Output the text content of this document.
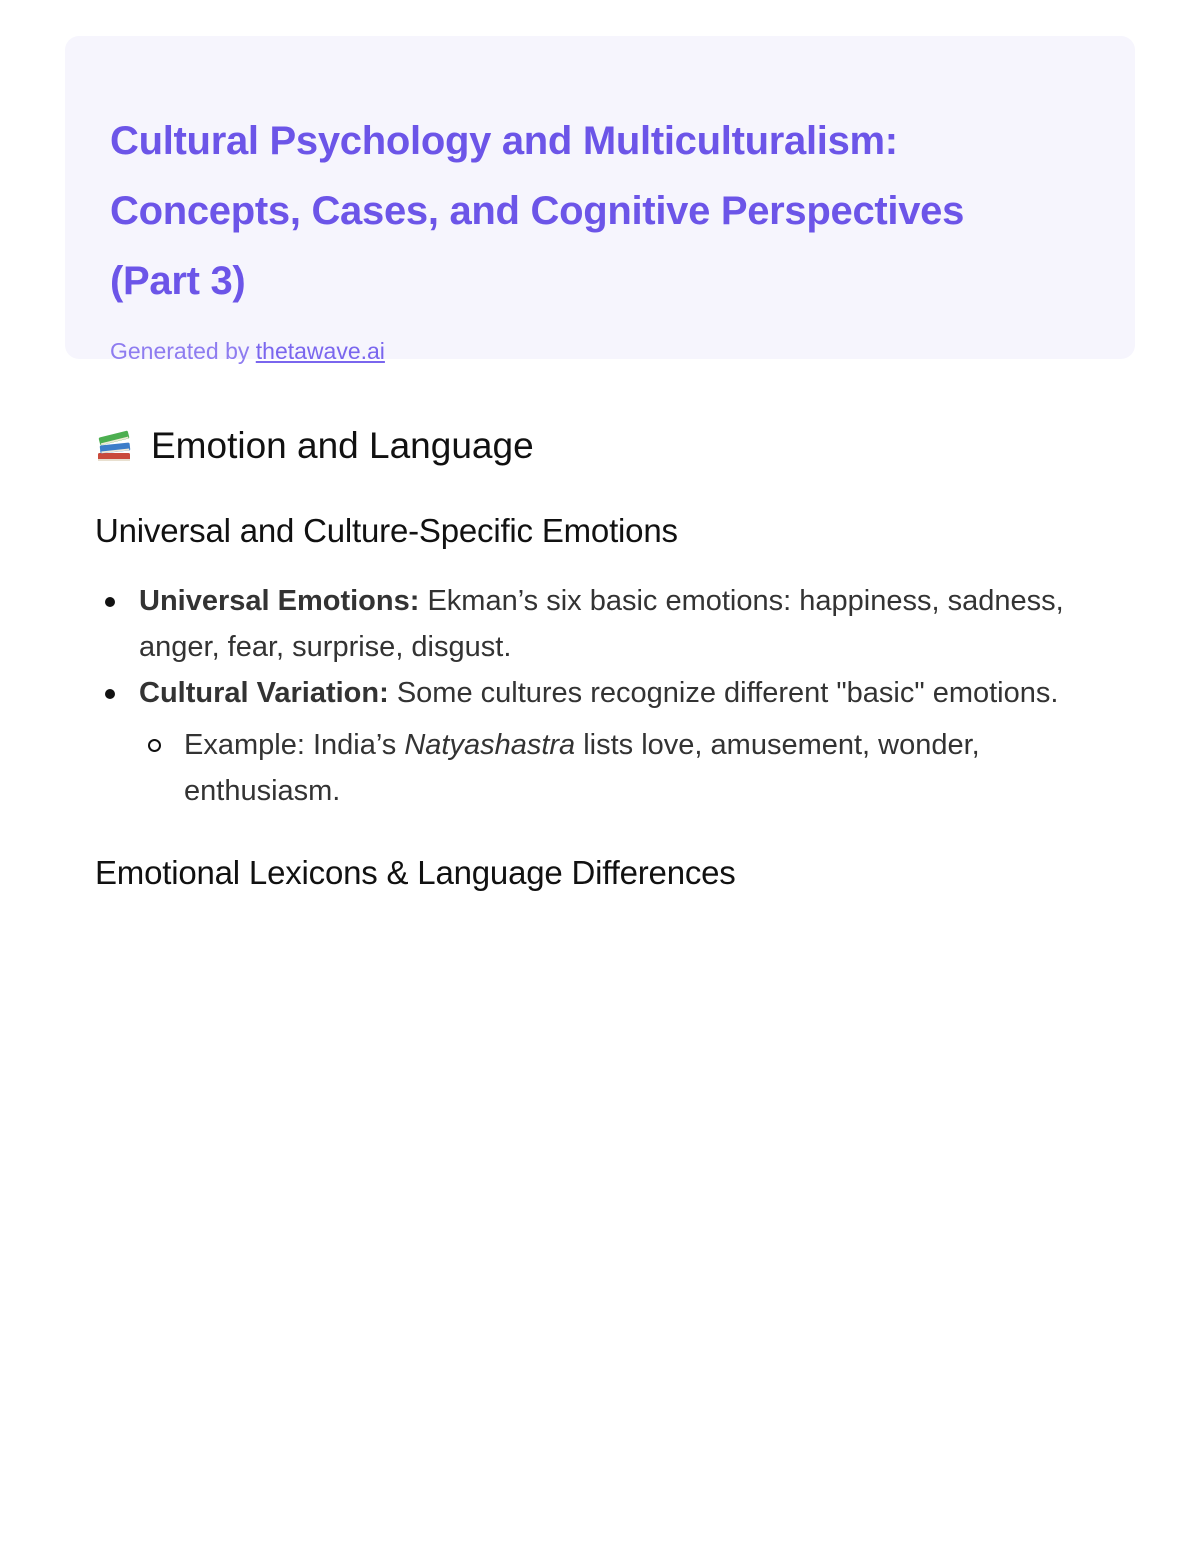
Cultural Psychology and Multiculturalism:
Concepts, Cases, and Cognitive Perspectives
(Part 3)
Generated by thetawave.ai
Emotion and Language
Universal and Culture-Specific Emotions
Universal Emotions: Ekman’s six basic emotions: happiness, sadness, anger, fear, surprise, disgust.
Cultural Variation: Some cultures recognize different "basic" emotions.
Example: India’s Natyashastra lists love, amusement, wonder, enthusiasm.
Emotional Lexicons & Language Differences
